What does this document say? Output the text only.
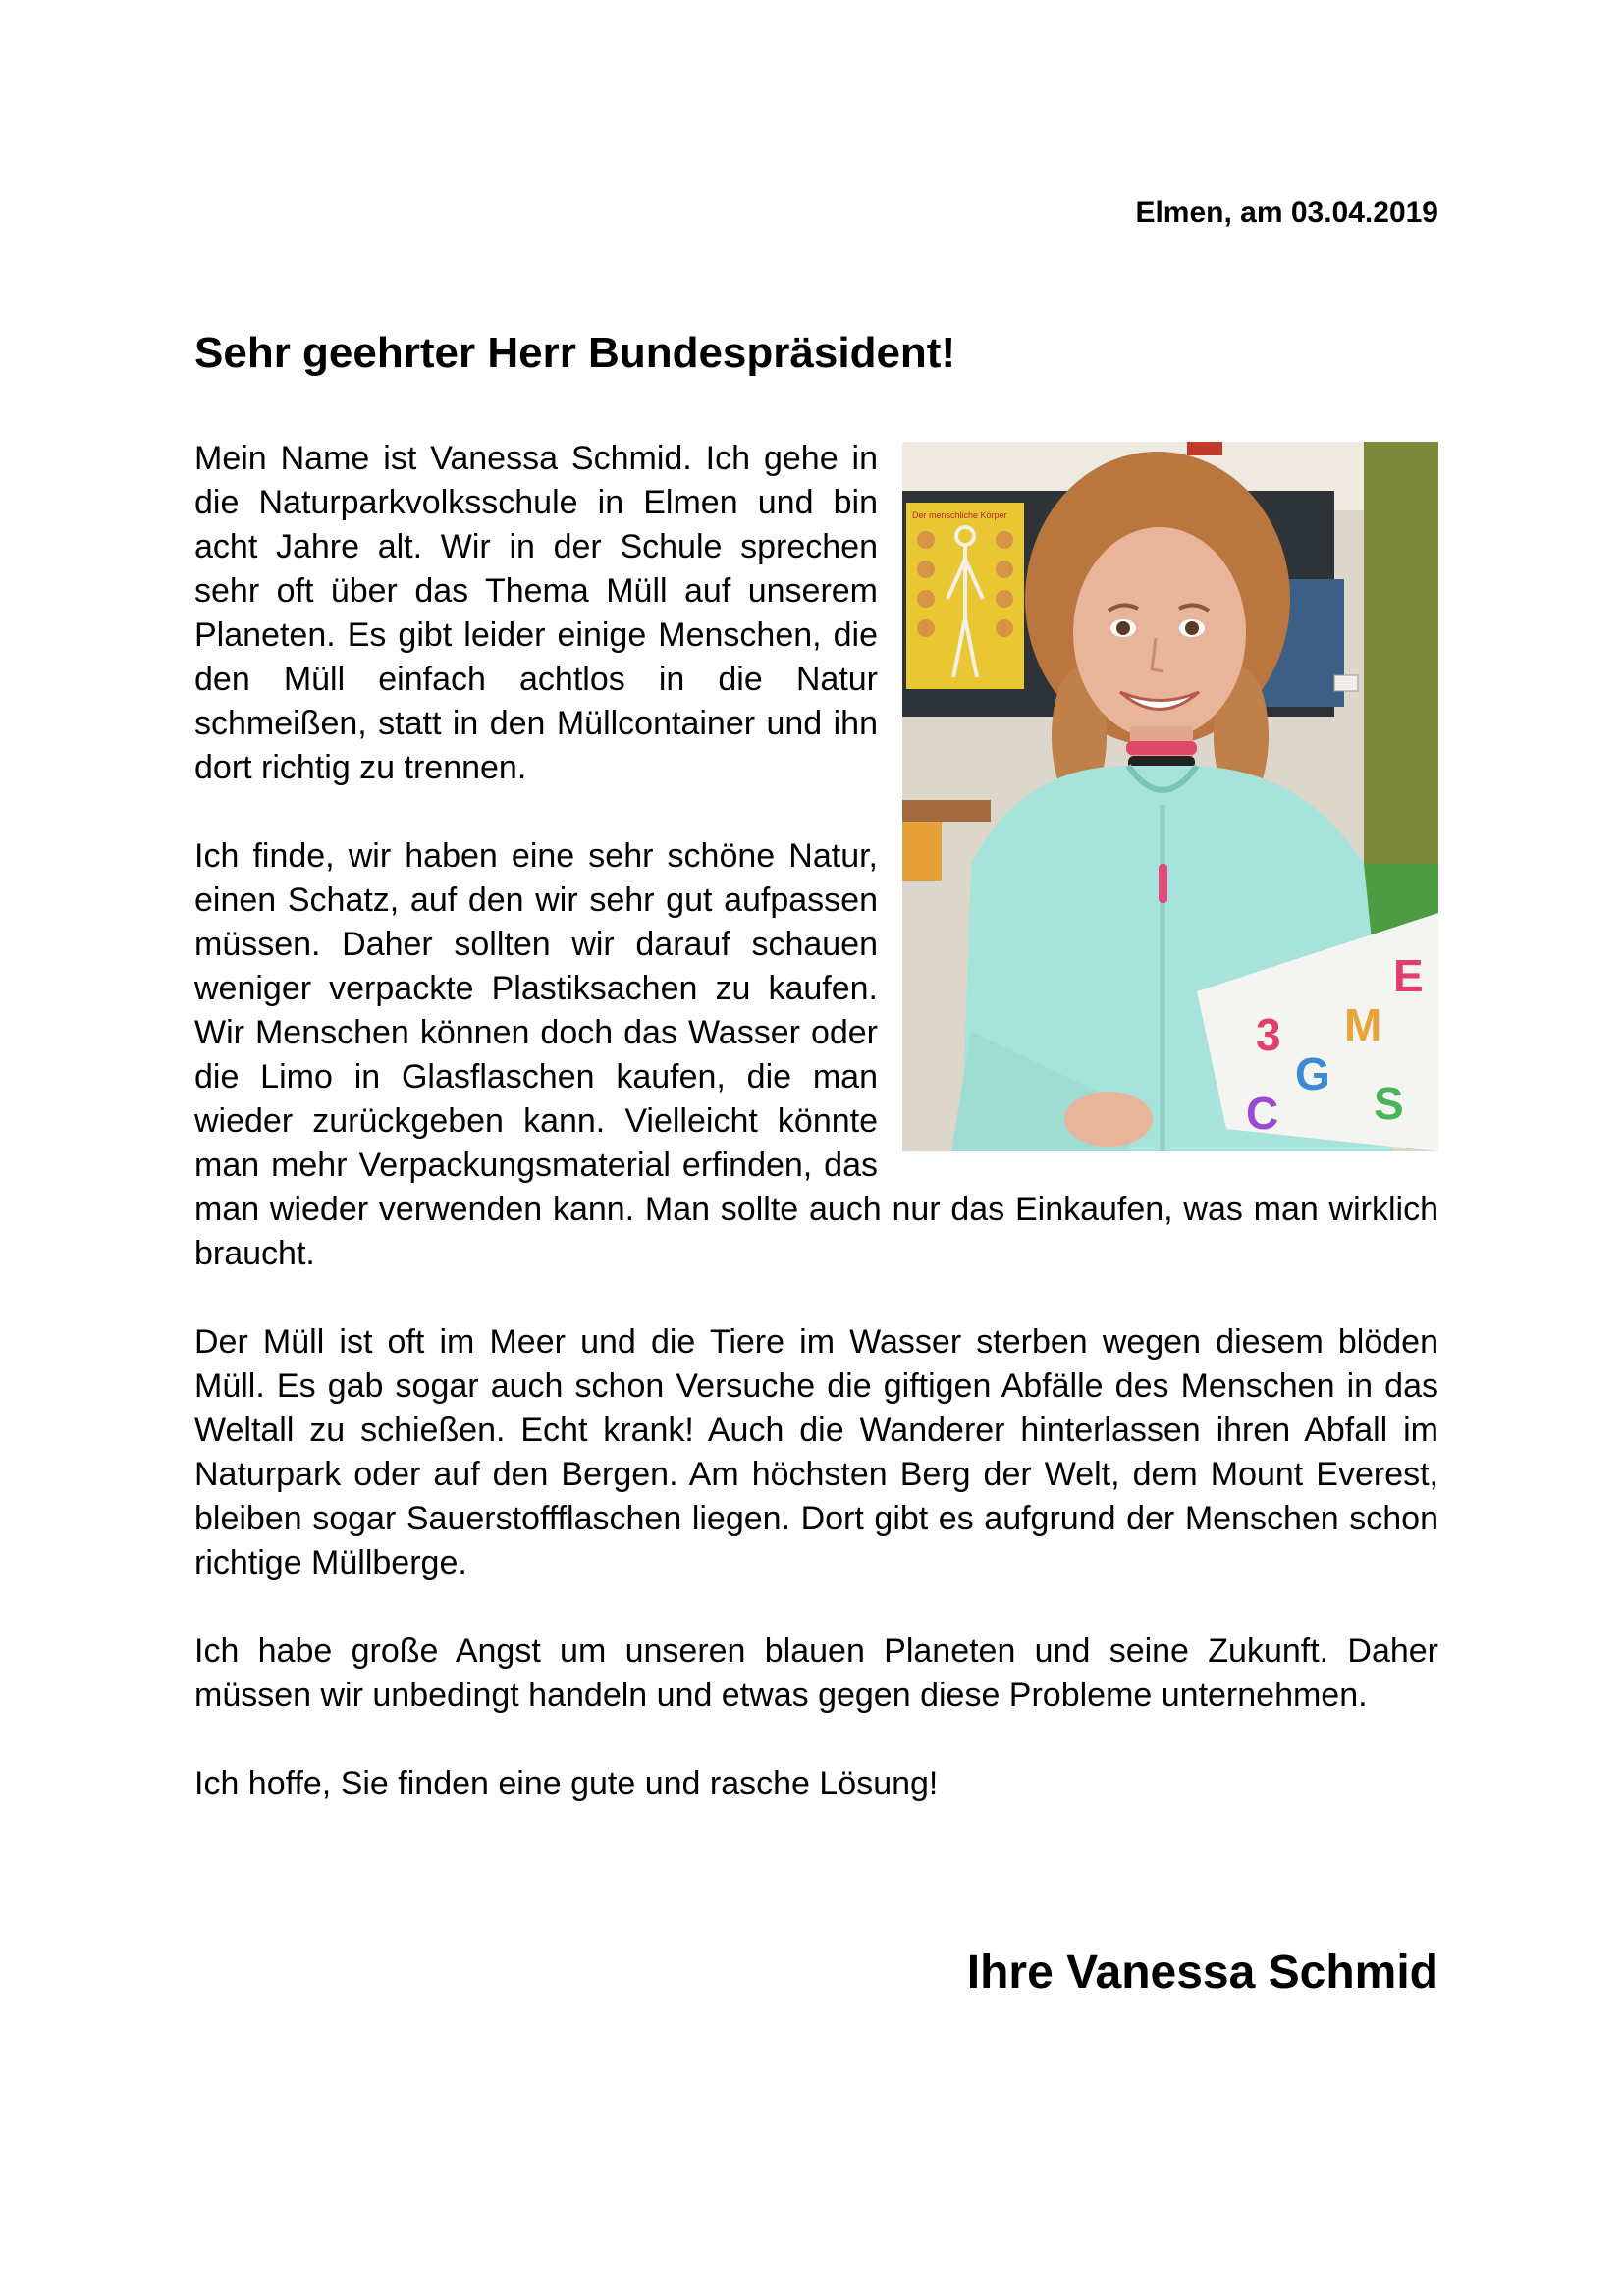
Elmen, am 03.04.2019
Sehr geehrter Herr Bundespräsident!
Der menschliche Körper
3
G
M
S
C
E

Mein Name ist Vanessa Schmid. Ich gehe in die Naturparkvolksschule in Elmen und bin acht Jahre alt. Wir in der Schule sprechen sehr oft über das Thema Müll auf unserem Planeten. Es gibt leider einige Menschen, die den Müll einfach achtlos in die Natur schmeißen, statt in den Müllcontainer und ihn dort richtig zu trennen.

Ich finde, wir haben eine sehr schöne Natur, einen Schatz, auf den wir sehr gut aufpassen müssen. Daher sollten wir darauf schauen weniger verpackte Plastiksachen zu kaufen. Wir Menschen können doch das Wasser oder die Limo in Glasflaschen kaufen, die man wieder zurückgeben kann. Vielleicht könnte man mehr Verpackungsmaterial erfinden, das man wieder verwenden kann. Man sollte auch nur das Einkaufen, was man wirklich braucht.

Der Müll ist oft im Meer und die Tiere im Wasser sterben wegen diesem blöden Müll. Es gab sogar auch schon Versuche die giftigen Abfälle des Menschen in das Weltall zu schießen. Echt krank! Auch die Wanderer hinterlassen ihren Abfall im Naturpark oder auf den Bergen. Am höchsten Berg der Welt, dem Mount Everest, bleiben sogar Sauerstoffflaschen liegen. Dort gibt es aufgrund der Menschen schon richtige Müllberge.

Ich habe große Angst um unseren blauen Planeten und seine Zukunft. Daher müssen wir unbedingt handeln und etwas gegen diese Probleme unternehmen.

Ich hoffe, Sie finden eine gute und rasche Lösung!

Ihre Vanessa Schmid
